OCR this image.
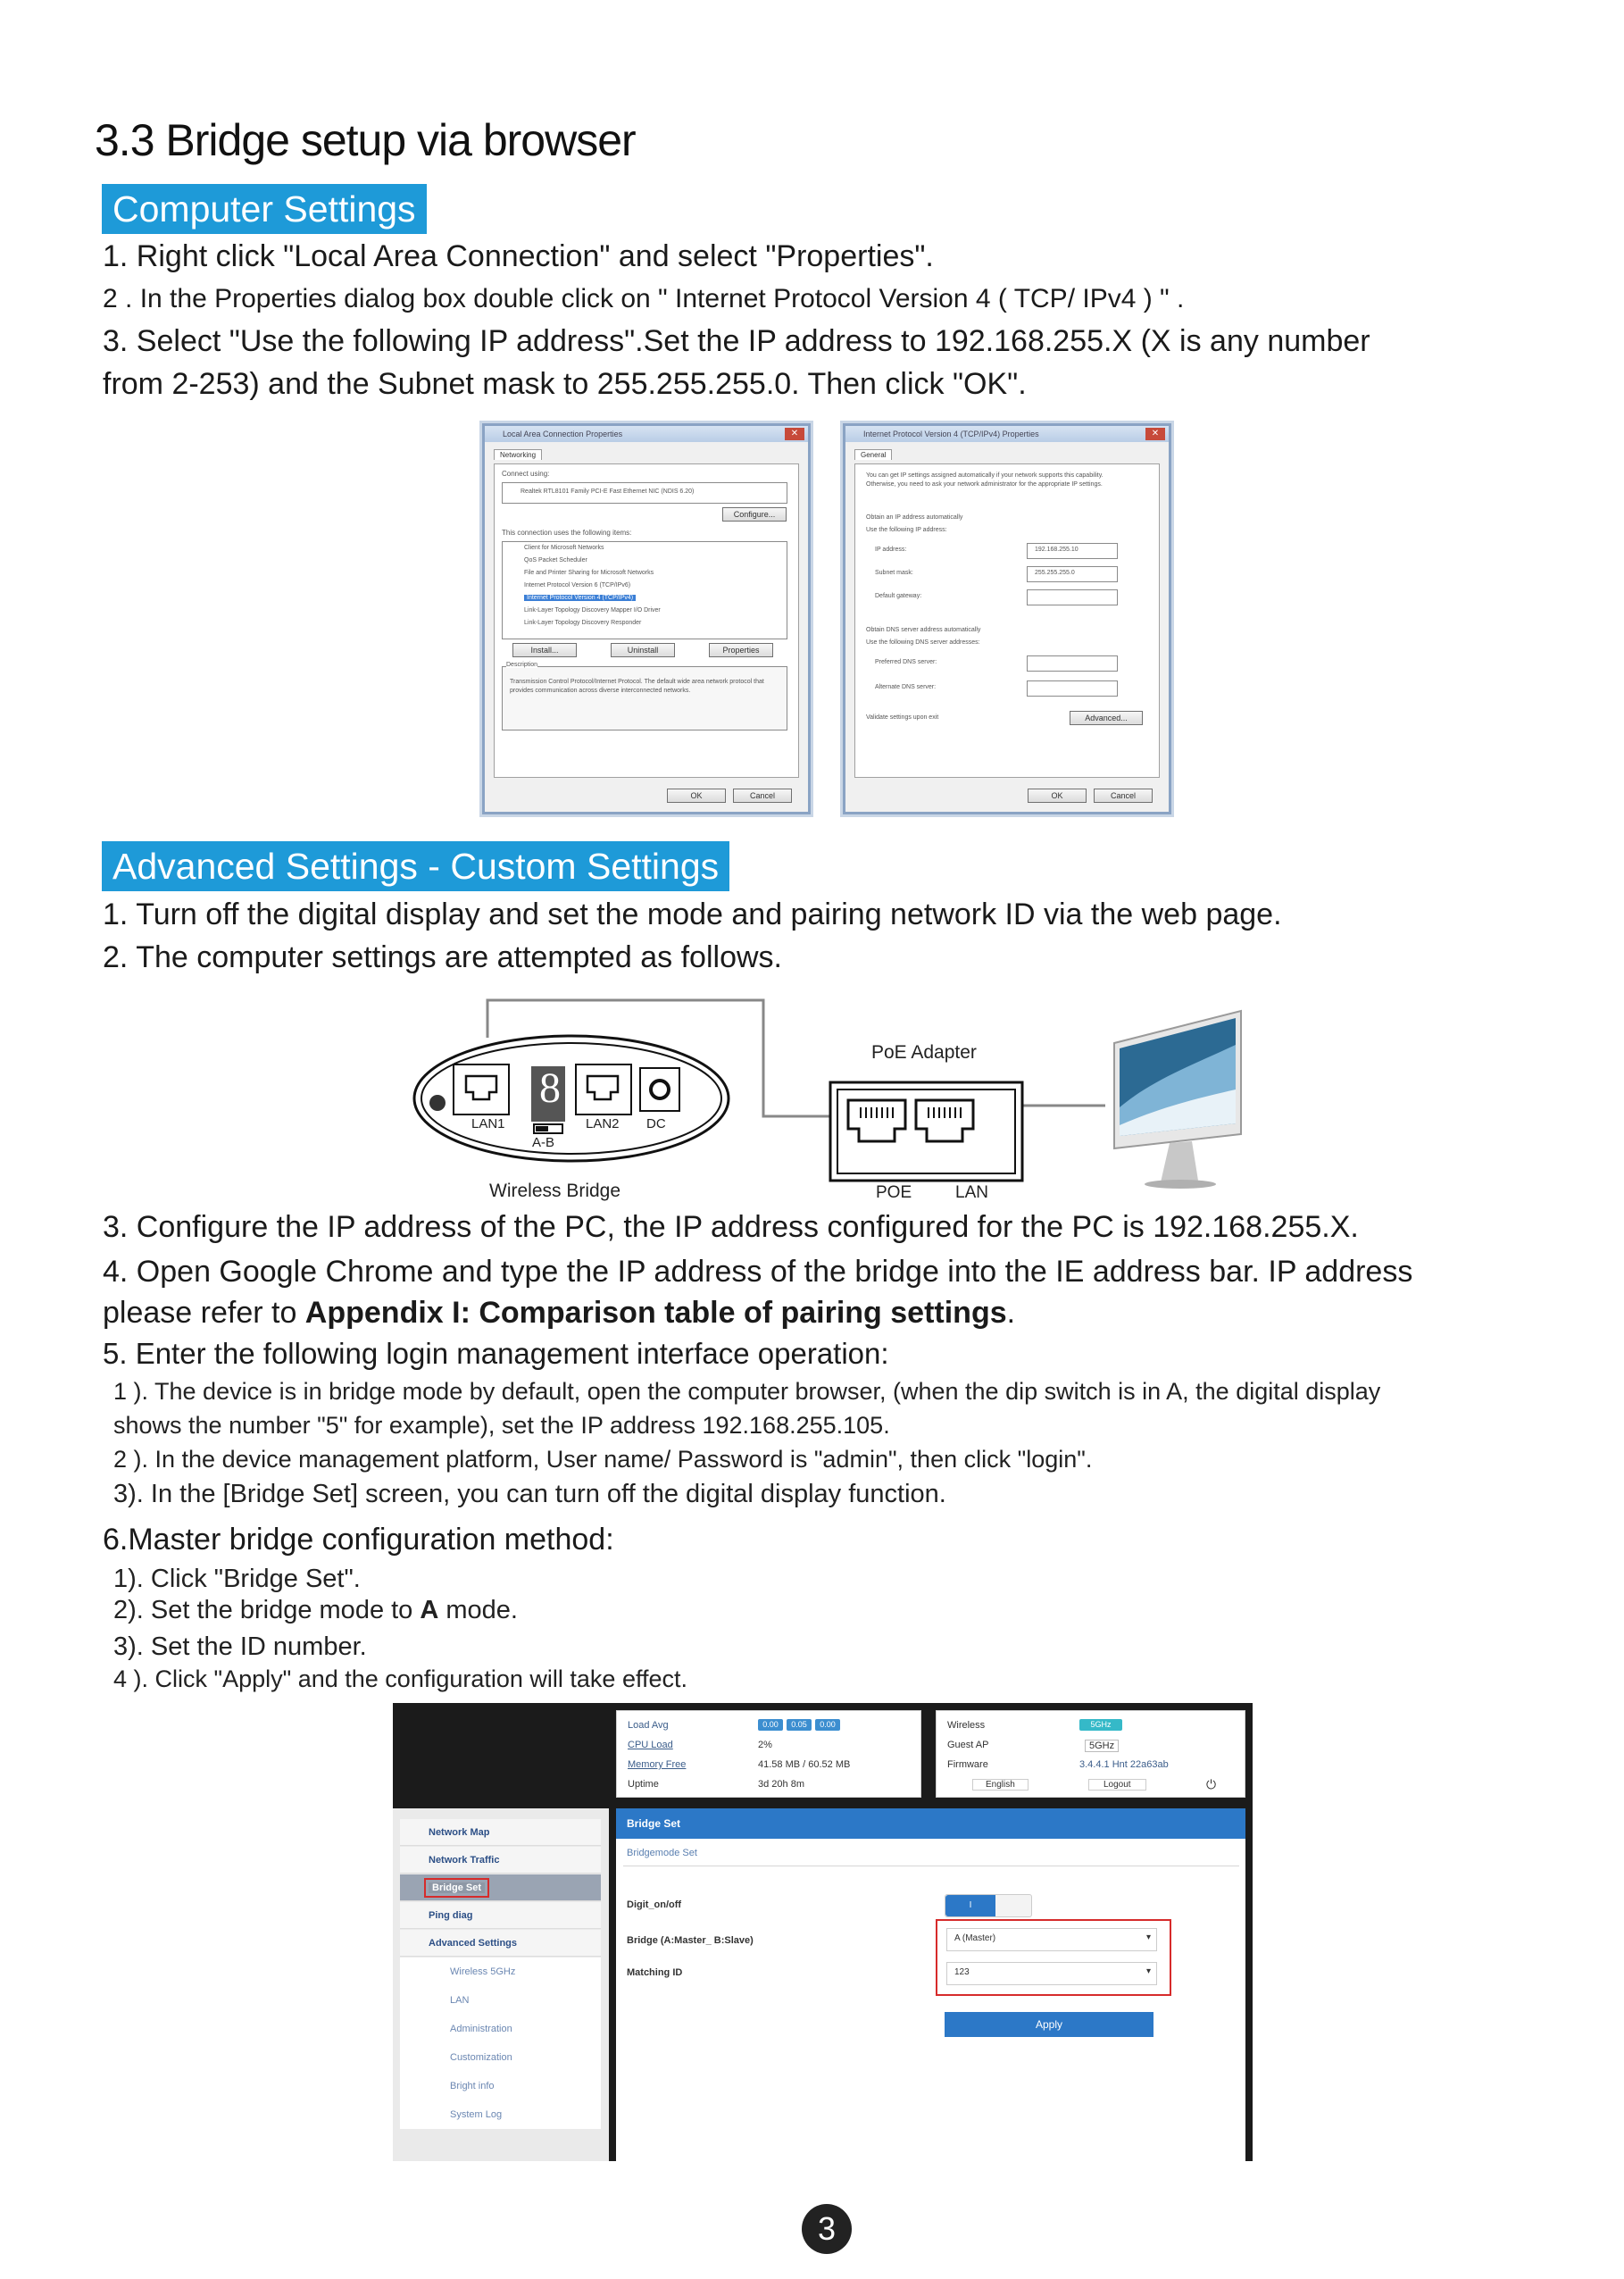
3.3 Bridge setup via browser
Computer Settings
1. Right click "Local Area Connection" and select "Properties".
2 . In the Properties dialog box double click on " Internet Protocol Version 4 ( TCP/ IPv4 ) " .
3. Select "Use the following IP address".Set the IP address to 192.168.255.X (X is any number
from 2-253) and the Subnet mask to 255.255.255.0. Then click "OK".
Local Area Connection Properties	✕
Networking
Connect using:
Realtek RTL8101 Family PCI-E Fast Ethernet NIC (NDIS 6.20)
Configure...
This connection uses the following items:
Client for Microsoft Networks
QoS Packet Scheduler
File and Printer Sharing for Microsoft Networks
Internet Protocol Version 6 (TCP/IPv6)
Internet Protocol Version 4 (TCP/IPv4)
Link-Layer Topology Discovery Mapper I/O Driver
Link-Layer Topology Discovery Responder
Install...	Uninstall	Properties
Description
Transmission Control Protocol/Internet Protocol. The default wide area network protocol that provides communication across diverse interconnected networks.
OK	Cancel
Internet Protocol Version 4 (TCP/IPv4) Properties	✕
General
You can get IP settings assigned automatically if your network supports this capability. Otherwise, you need to ask your network administrator for the appropriate IP settings.
Obtain an IP address automatically
Use the following IP address:
IP address:	192.168.255.10
Subnet mask:	255.255.255.0
Default gateway:
Obtain DNS server address automatically
Use the following DNS server addresses:
Preferred DNS server:
Alternate DNS server:
Validate settings upon exit	Advanced...
OK	Cancel
Advanced Settings - Custom Settings
1. Turn off the digital display and set the mode and pairing network ID via the web page.
2. The computer settings are attempted as follows.
8
PoE Adapter
LAN1	LAN2 DC
A-B
Wireless Bridge	POE	LAN
3. Configure the IP address of the PC, the IP address configured for the PC is 192.168.255.X.
4. Open Google Chrome and type the IP address of the bridge into the IE address bar. IP address
please refer to Appendix I: Comparison table of pairing settings.
5. Enter the following login management interface operation:
1 ). The device is in bridge mode by default, open the computer browser, (when the dip switch is in A, the digital display
shows the number "5" for example), set the IP address 192.168.255.105.
2 ). In the device management platform, User name/ Password is "admin", then click "login".
3). In the [Bridge Set] screen, you can turn off the digital display function.
6.Master bridge configuration method:
1). Click "Bridge Set".
2). Set the bridge mode to A mode.
3). Set the ID number.
4 ). Click "Apply" and the configuration will take effect.
Load Avg	0.00	0.05	0.00
CPU Load	2%
Memory Free	41.58 MB / 60.52 MB
Uptime	3d 20h 8m
Wireless	5GHz
Guest AP	5GHz
Firmware	3.4.4.1 Hnt 22a63ab
English	Logout	⏻
Network Map
Network Traffic
Bridge Set
Ping diag
Advanced Settings
Wireless 5GHz
LAN
Administration
Customization
Bright info
System Log
Bridge Set
Bridgemode Set
Digit_on/off	I
Bridge (A:Master_ B:Slave)	A (Master)	▾
Matching ID	123	▾
Apply
3
